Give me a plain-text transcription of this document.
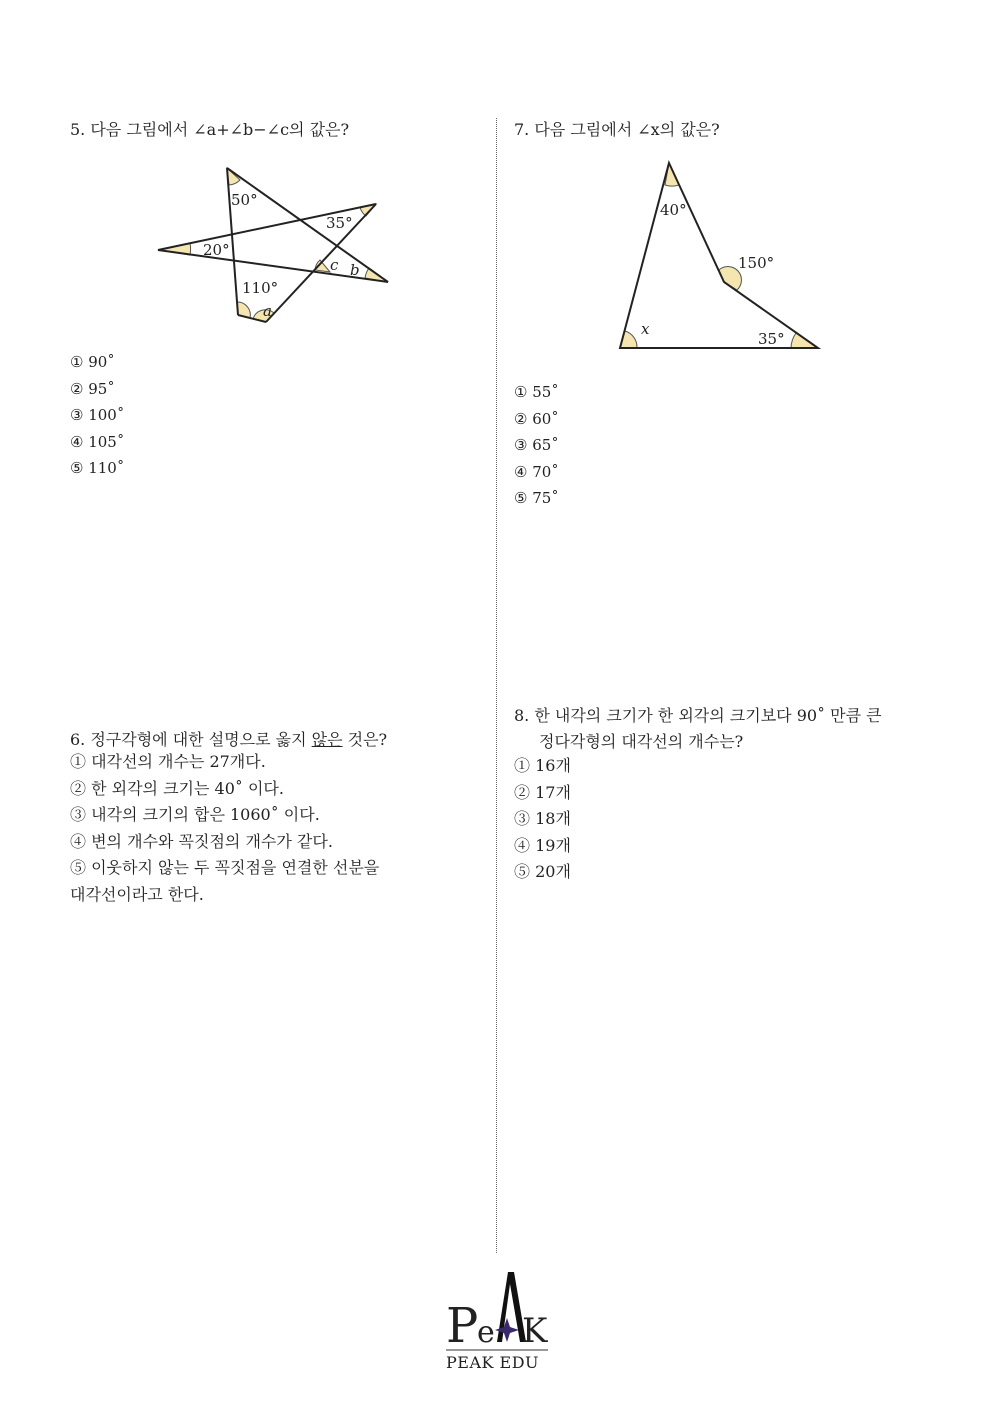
5. 다음 그림에서 ∠a+∠b−∠c의 값은?
50°
35°
20°
c b
110°
a
① 90˚
② 95˚
③ 100˚
④ 105˚
⑤ 110˚
7. 다음 그림에서 ∠x의 값은?
40°
150°
x
35°
① 55˚
② 60˚
③ 65˚
④ 70˚
⑤ 75˚
6. 정구각형에 대한 설명으로 옳지 않은 것은?
① 대각선의 개수는 27개다.
② 한 외각의 크기는 40˚ 이다.
③ 내각의 크기의 합은 1060˚ 이다.
④ 변의 개수와 꼭짓점의 개수가 같다.
⑤ 이웃하지 않는 두 꼭짓점을 연결한 선분을
대각선이라고 한다.
8. 한 내각의 크기가 한 외각의 크기보다 90˚ 만큼 큰
정다각형의 대각선의 개수는?
① 16개
② 17개
③ 18개
④ 19개
⑤ 20개
P
e K
PEAK EDU
